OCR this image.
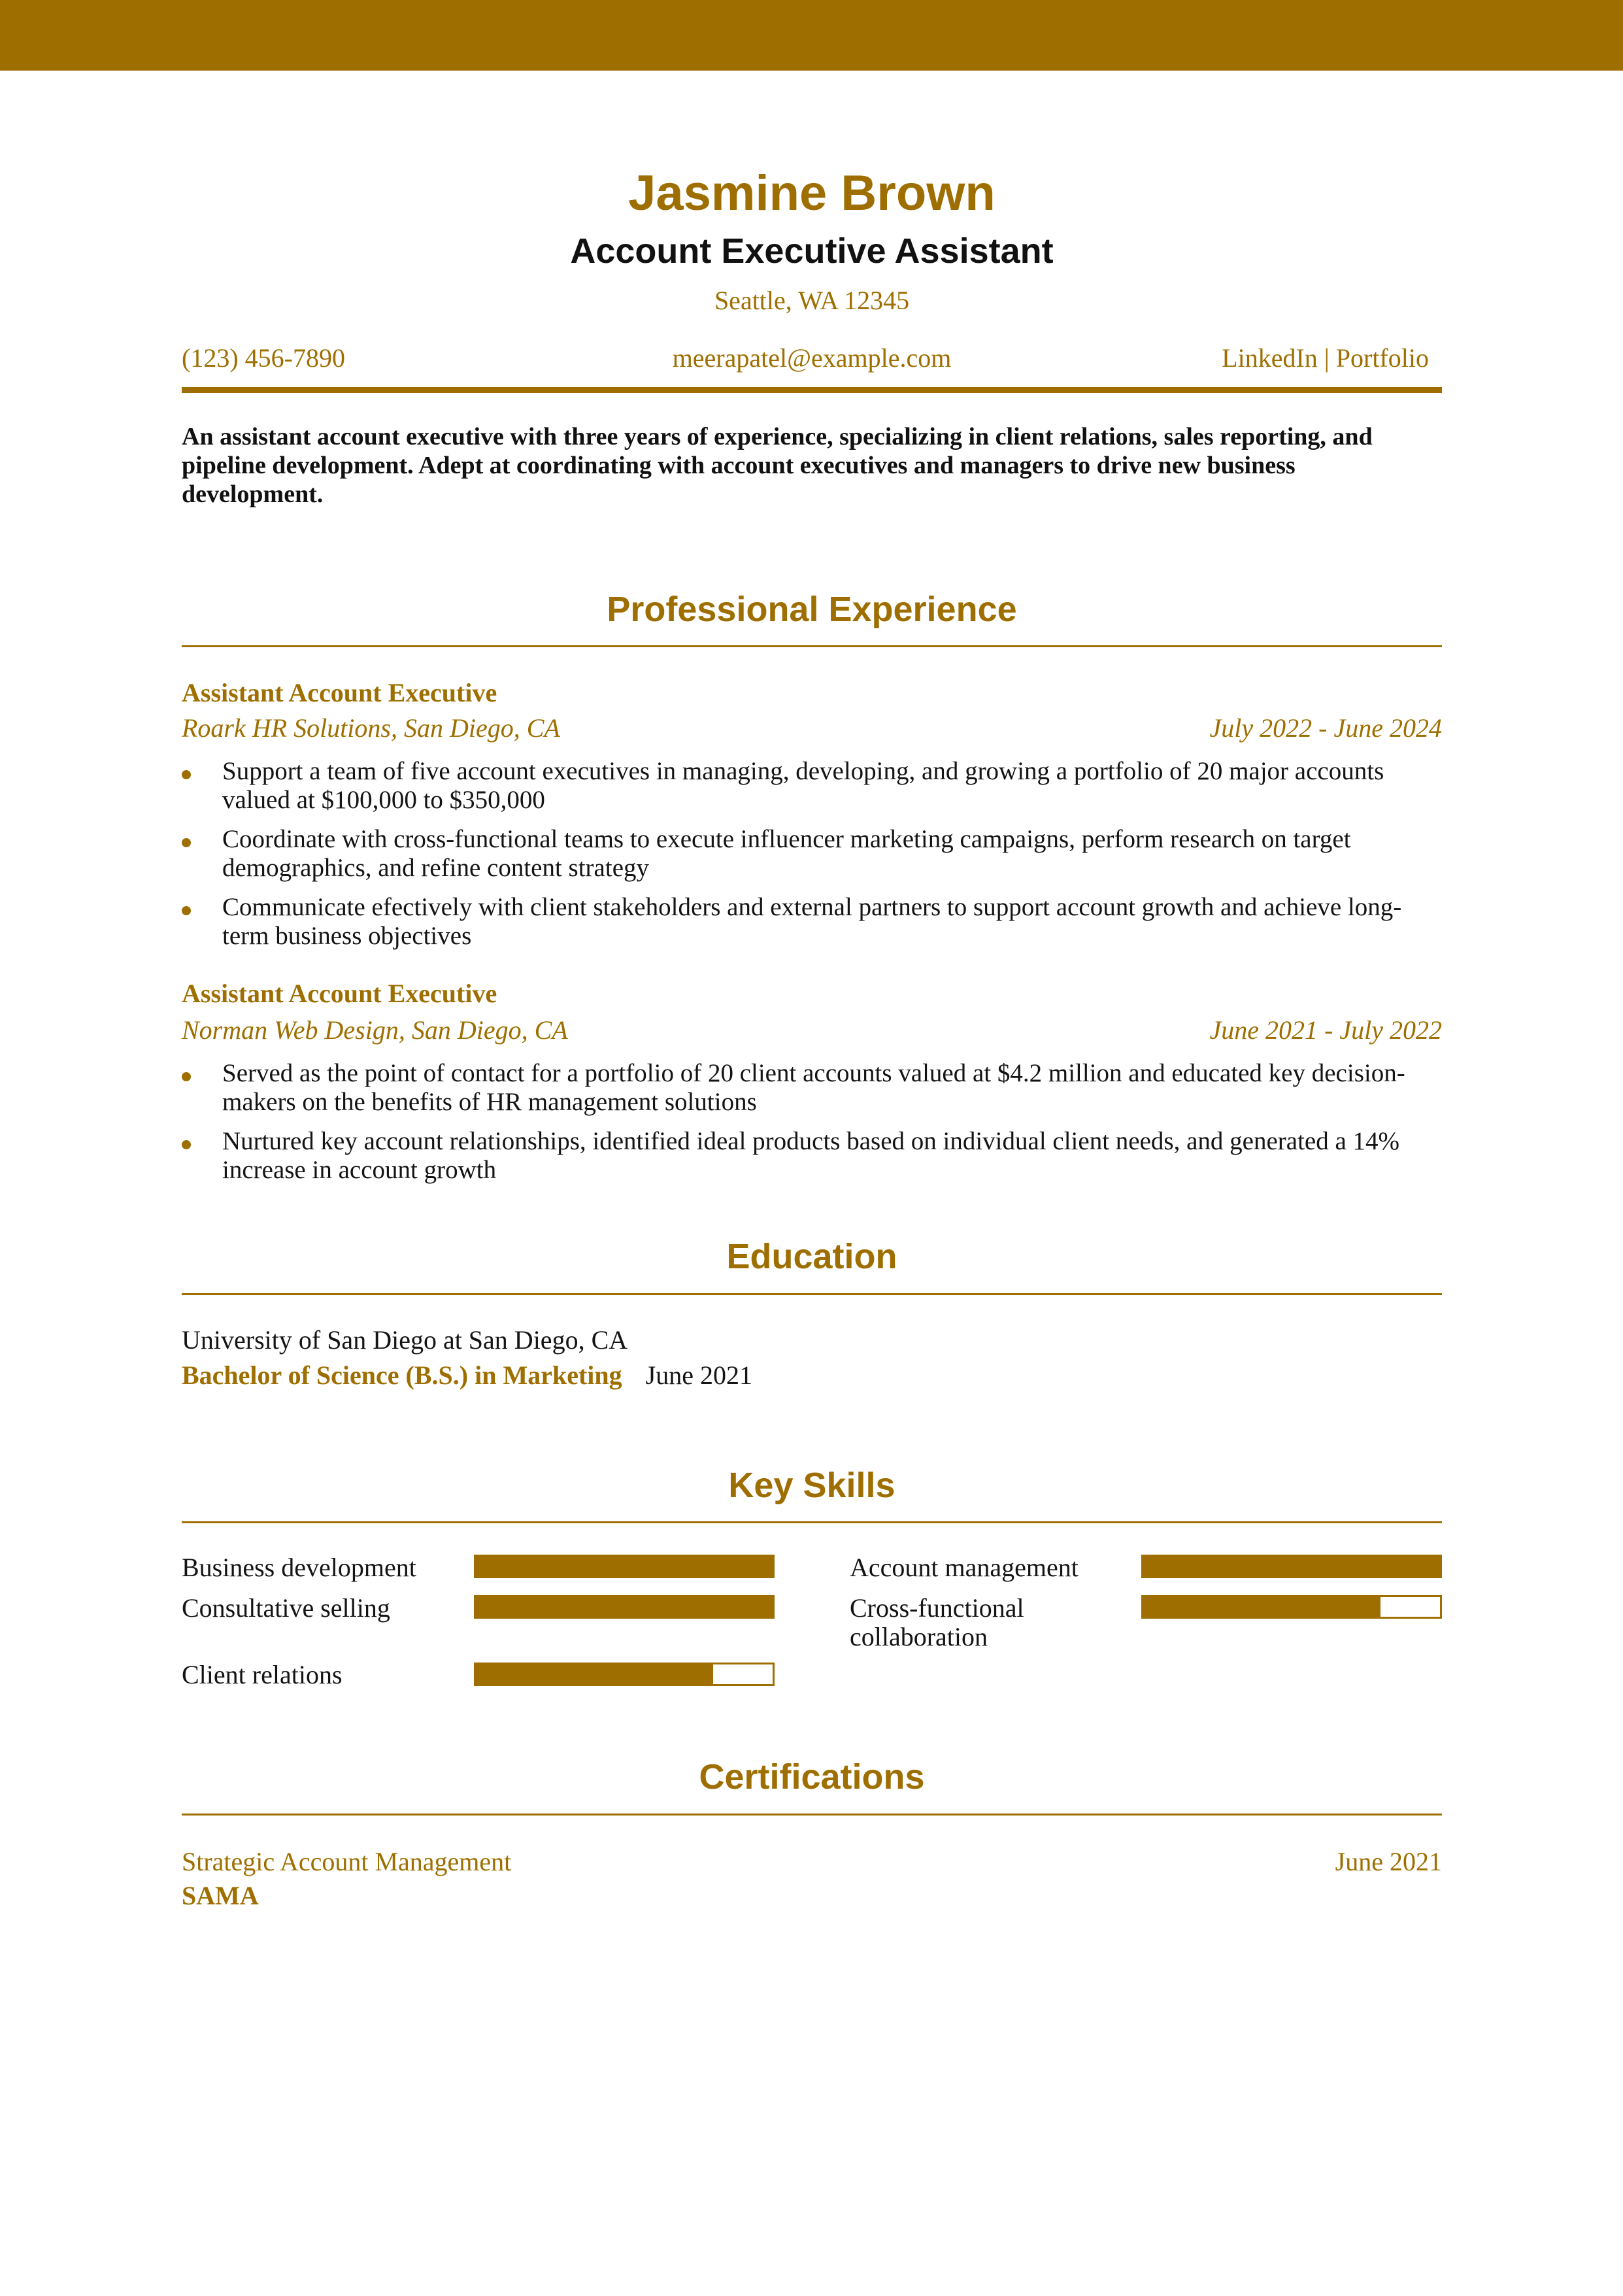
Jasmine Brown
Account Executive Assistant
Seattle, WA 12345
(123) 456-7890	meerapatel@example.com	LinkedIn | Portfolio
An assistant account executive with three years of experience, specializing in client relations, sales reporting, and pipeline development. Adept at coordinating with account executives and managers to drive new business development.
Professional Experience
Assistant Account Executive
Roark HR Solutions, San Diego, CA	July 2022 - June 2024
Support a team of five account executives in managing, developing, and growing a portfolio of 20 major accounts valued at $100,000 to $350,000
Coordinate with cross-functional teams to execute influencer marketing campaigns, perform research on target demographics, and refine content strategy
Communicate efectively with client stakeholders and external partners to support account growth and achieve long-term business objectives
Assistant Account Executive
Norman Web Design, San Diego, CA	June 2021 - July 2022
Served as the point of contact for a portfolio of 20 client accounts valued at $4.2 million and educated key decision-makers on the benefits of HR management solutions
Nurtured key account relationships, identified ideal products based on individual client needs, and generated a 14% increase in account growth
Education
University of San Diego at San Diego, CA
Bachelor of Science (B.S.) in Marketing June 2021
Key Skills
Business development	Account management
Consultative selling	Cross-functional collaboration
Client relations
Certifications
Strategic Account Management	June 2021
SAMA
